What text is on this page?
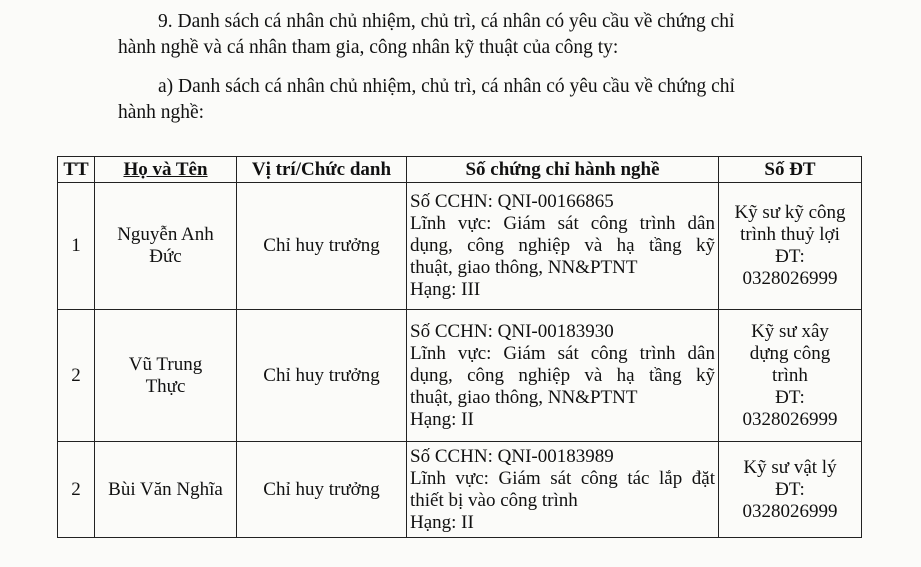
9. Danh sách cá nhân chủ nhiệm, chủ trì, cá nhân có yêu cầu về chứng chỉ
hành nghề và cá nhân tham gia, công nhân kỹ thuật của công ty:

a) Danh sách cá nhân chủ nhiệm, chủ trì, cá nhân có yêu cầu về chứng chỉ
hành nghề:

TT	Họ và Tên	Vị trí/Chức danh	Số chứng chỉ hành nghề	Số ĐT
1	Nguyễn Anh
Đức	Chỉ huy trưởng	Số CCHN: QNI-00166865
Lĩnh vực: Giám sát công trình dân
dụng, công nghiệp và hạ tầng kỹ
thuật, giao thông, NN&PTNT
Hạng: III	Kỹ sư kỹ công
trình thuỷ lợi
ĐT:
0328026999

2	Vũ Trung
Thực	Chỉ huy trưởng	Số CCHN: QNI-00183930
Lĩnh vực: Giám sát công trình dân
dụng, công nghiệp và hạ tầng kỹ
thuật, giao thông, NN&PTNT
Hạng: II	Kỹ sư xây
dựng công
trình
ĐT:
0328026999

2	Bùi Văn Nghĩa	Chỉ huy trưởng	Số CCHN: QNI-00183989
Lĩnh vực: Giám sát công tác lắp đặt
thiết bị vào công trình
Hạng: II	Kỹ sư vật lý
ĐT:
0328026999
